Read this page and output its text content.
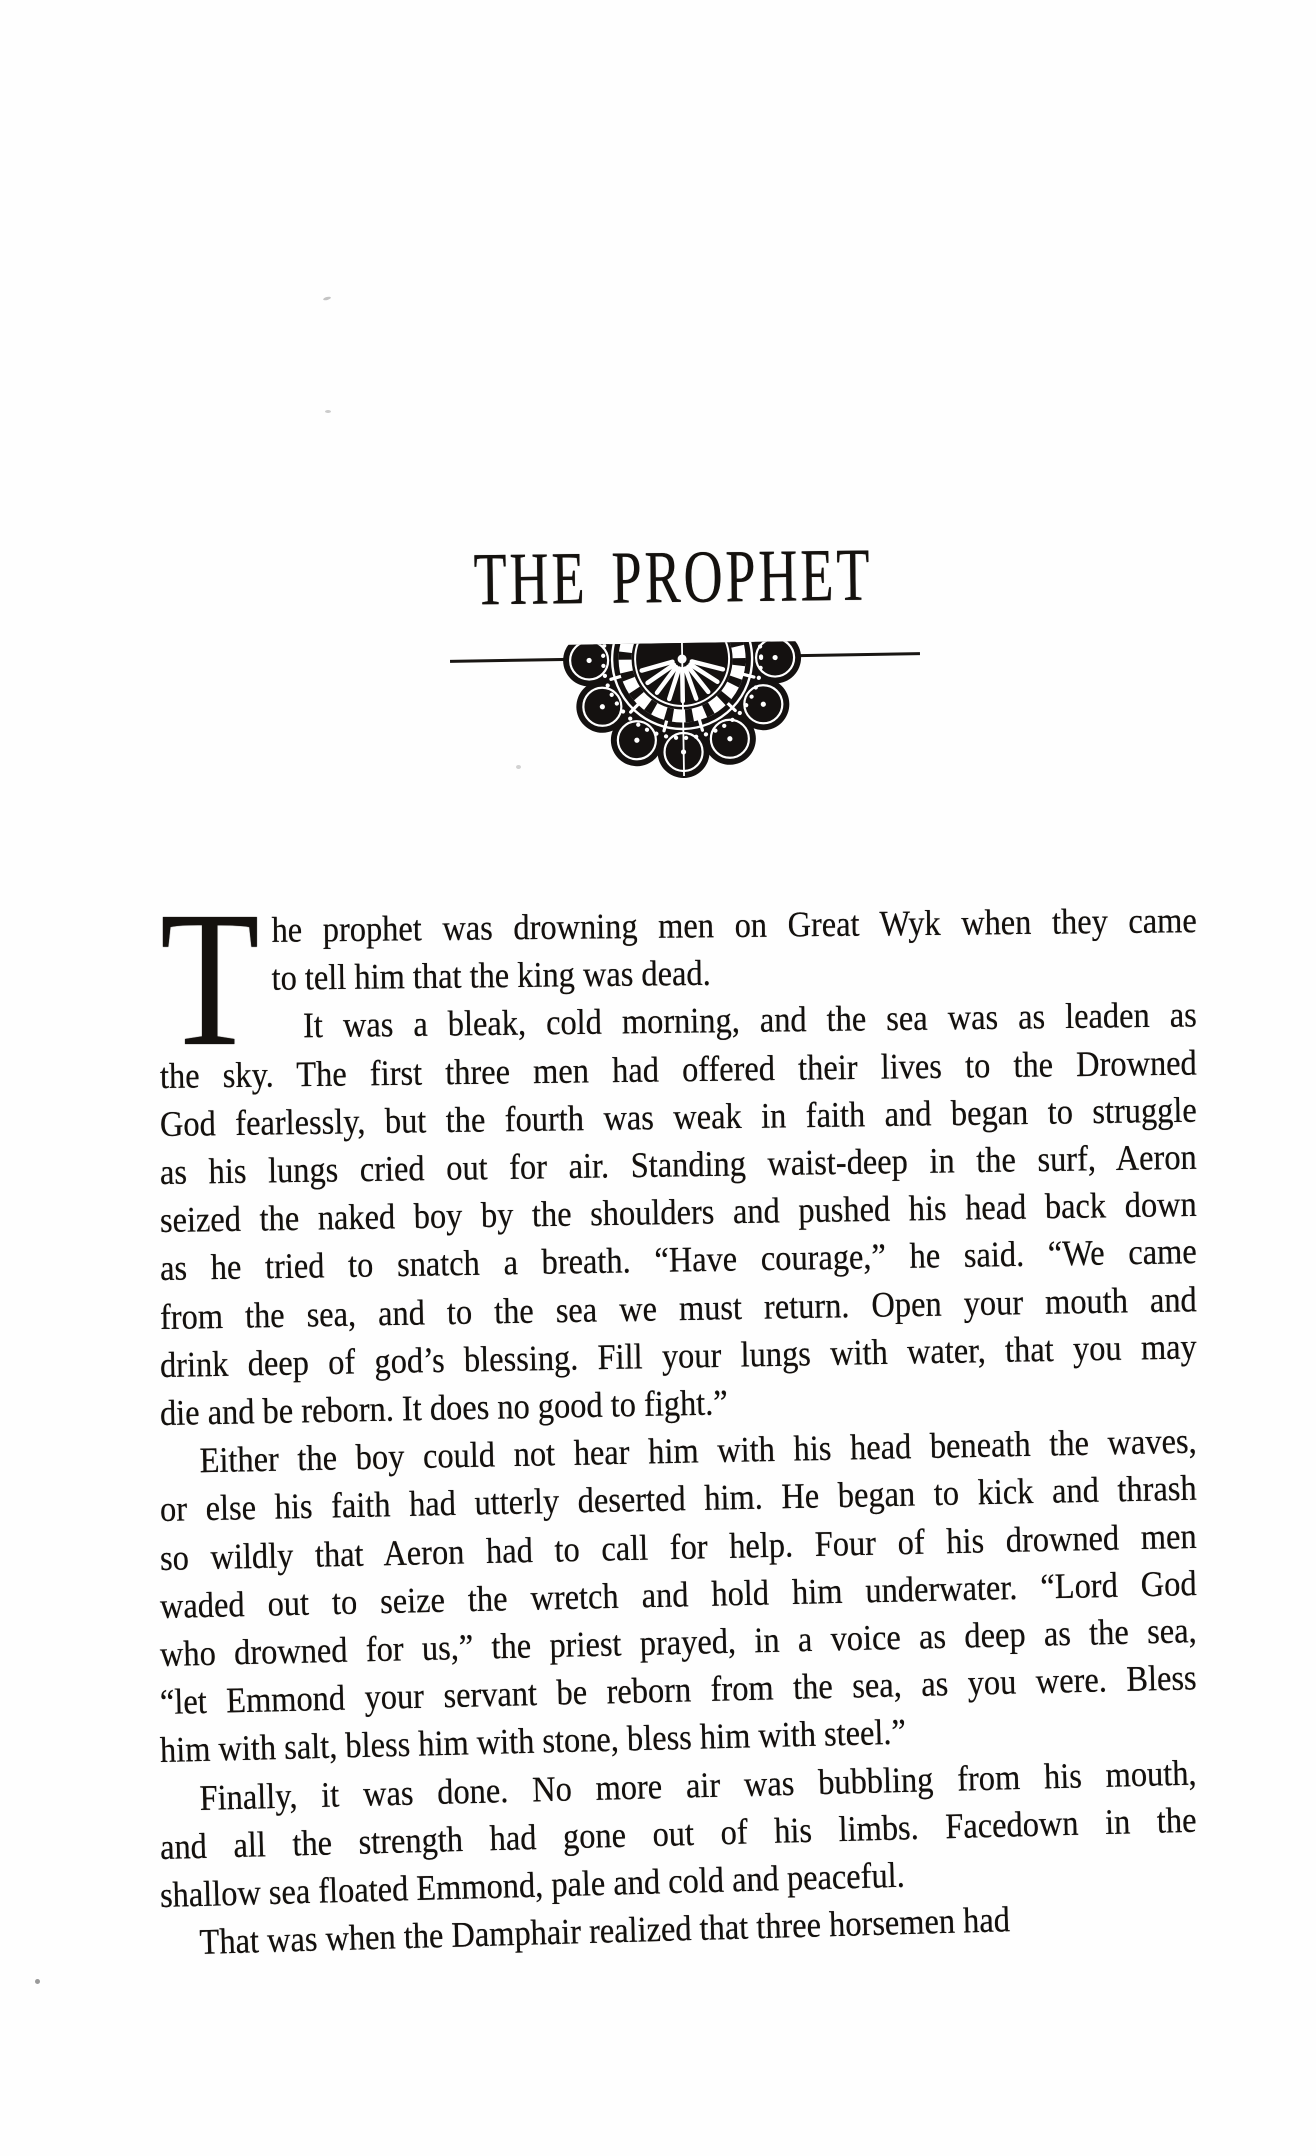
THE PROPHET
T he prophet was drowning men on Great Wyk when they came
to tell him that the king was dead.
It was a bleak, cold morning, and the sea was as leaden as
the sky. The first three men had offered their lives to the Drowned
God fearlessly, but the fourth was weak in faith and began to struggle
as his lungs cried out for air. Standing waist-deep in the surf, Aeron
seized the naked boy by the shoulders and pushed his head back down
as he tried to snatch a breath. “Have courage,” he said. “We came
from the sea, and to the sea we must return. Open your mouth and
drink deep of god’s blessing. Fill your lungs with water, that you may
die and be reborn. It does no good to fight.”
Either the boy could not hear him with his head beneath the waves,
or else his faith had utterly deserted him. He began to kick and thrash
so wildly that Aeron had to call for help. Four of his drowned men
waded out to seize the wretch and hold him underwater. “Lord God
who drowned for us,” the priest prayed, in a voice as deep as the sea,
“let Emmond your servant be reborn from the sea, as you were. Bless
him with salt, bless him with stone, bless him with steel.”
Finally, it was done. No more air was bubbling from his mouth,
and all the strength had gone out of his limbs. Facedown in the
shallow sea floated Emmond, pale and cold and peaceful.
That was when the Damphair realized that three horsemen had
